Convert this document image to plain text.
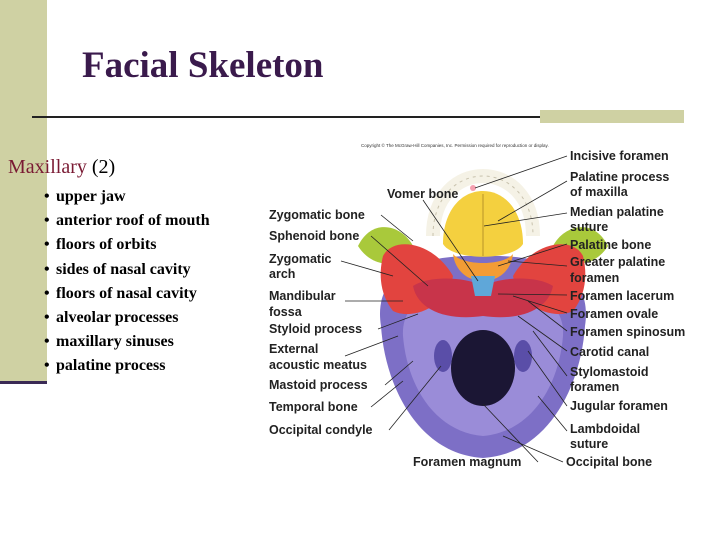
Facial Skeleton
Maxillary (2)
• upper jaw
• anterior roof of mouth
• floors of orbits
• sides of nasal cavity
• floors of nasal cavity
• alveolar processes
• maxillary sinuses
• palatine process
Copyright © The McGraw-Hill Companies, Inc. Permission required for reproduction or display.
Vomer bone
Zygomatic bone
Sphenoid bone
Zygomatic
arch
Mandibular
fossa
Styloid process
External
acoustic meatus
Mastoid process
Temporal bone
Occipital condyle
Foramen magnum
Incisive foramen
Palatine process
of maxilla
Median palatine
suture
Palatine bone
Greater palatine
foramen
Foramen lacerum
Foramen ovale
Foramen spinosum
Carotid canal
Stylomastoid
foramen
Jugular foramen
Lambdoidal
suture
Occipital bone
